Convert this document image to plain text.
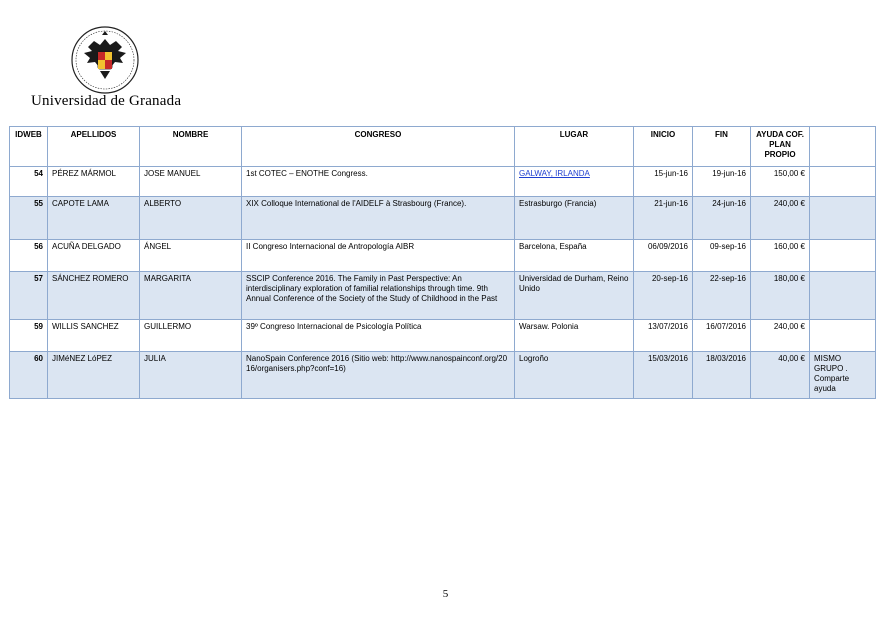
Universidad de Granada
IDWEB	APELLIDOS	NOMBRE	CONGRESO	LUGAR	INICIO	FIN	AYUDA COF. PLAN PROPIO	
54	PÉREZ MÁRMOL	JOSE MANUEL	1st COTEC – ENOTHE Congress.	GALWAY, IRLANDA	15-jun-16	19-jun-16	150,00 €	
55	CAPOTE LAMA	ALBERTO	XIX Colloque International de l'AIDELF à Strasbourg (France).	Estrasburgo (Francia)	21-jun-16	24-jun-16	240,00 €	
56	ACUÑA DELGADO	ÁNGEL	II Congreso Internacional de Antropología AIBR	Barcelona, España	06/09/2016	09-sep-16	160,00 €	
57	SÁNCHEZ ROMERO	MARGARITA	SSCIP Conference 2016. The Family in Past Perspective: An interdisciplinary exploration of familial relationships through time. 9th Annual Conference of the Society of the Study of Childhood in the Past	Universidad de Durham, Reino Unido	20-sep-16	22-sep-16	180,00 €	
59	WILLIS SANCHEZ	GUILLERMO	39º Congreso Internacional de Psicología Política	Warsaw. Polonia	13/07/2016	16/07/2016	240,00 €	
60	JIMéNEZ LóPEZ	JULIA	NanoSpain Conference 2016 (Sitio web: http://www.nanospainconf.org/2016/organisers.php?conf=16)	Logroño	15/03/2016	18/03/2016	40,00 €	MISMO GRUPO . Comparte ayuda
5
